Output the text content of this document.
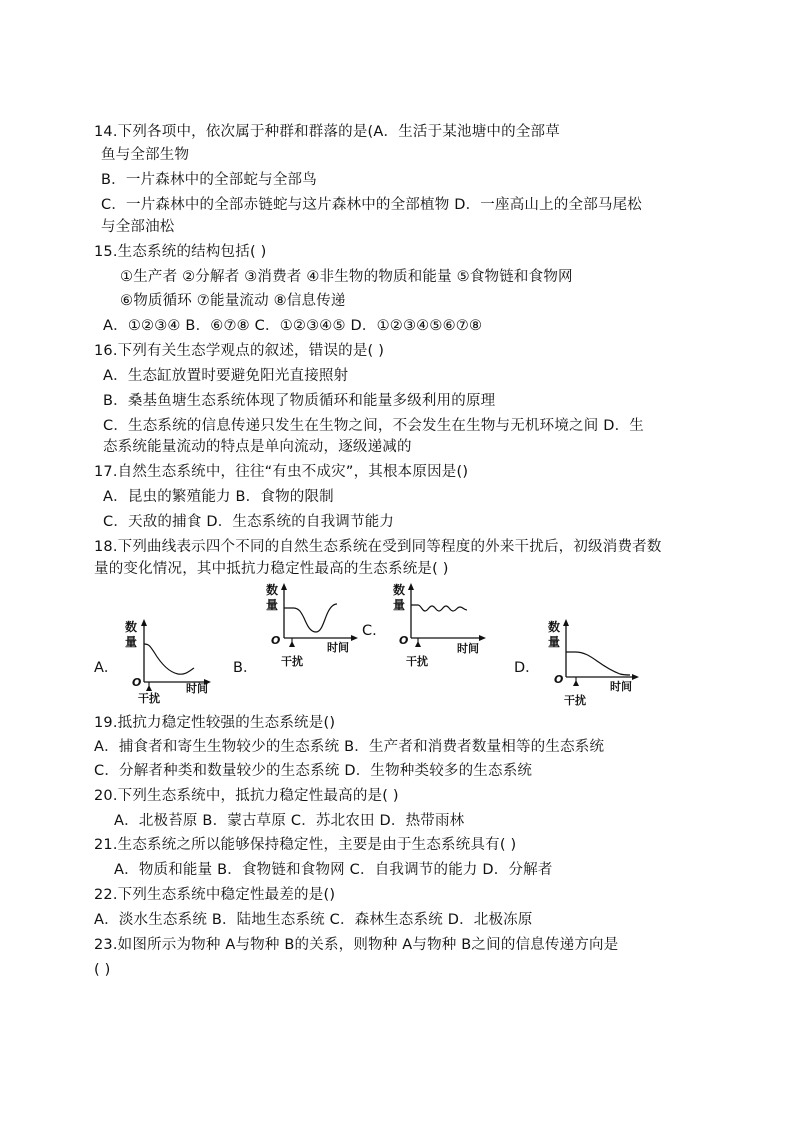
14.下列各项中，依次属于种群和群落的是(A．生活于某池塘中的全部草
鱼与全部生物
B．一片森林中的全部蛇与全部鸟
C．一片森林中的全部赤链蛇与这片森林中的全部植物 D．一座高山上的全部马尾松
与全部油松
15.生态系统的结构包括( )
①生产者 ②分解者 ③消费者 ④非生物的物质和能量 ⑤食物链和食物网
⑥物质循环 ⑦能量流动 ⑧信息传递
A．①②③④ B．⑥⑦⑧ C．①②③④⑤ D．①②③④⑤⑥⑦⑧
16.下列有关生态学观点的叙述，错误的是( )
A．生态缸放置时要避免阳光直接照射
B．桑基鱼塘生态系统体现了物质循环和能量多级利用的原理
C．生态系统的信息传递只发生在生物之间，不会发生在生物与无机环境之间 D．生
态系统能量流动的特点是单向流动，逐级递减的
17.自然生态系统中，往往“有虫不成灾”，其根本原因是()
A．昆虫的繁殖能力 B．食物的限制
C．天敌的捕食 D．生态系统的自我调节能力
18.下列曲线表示四个不同的自然生态系统在受到同等程度的外来干扰后，初级消费者数
量的变化情况，其中抵抗力稳定性最高的生态系统是( )
A．	B．
C.
D．
数
量
O	时间
干扰
数
量
O
时间
干扰
数
量
O
时间
干扰
数
量
O
时间
干扰
19.抵抗力稳定性较强的生态系统是()
A．捕食者和寄生生物较少的生态系统 B．生产者和消费者数量相等的生态系统
C．分解者种类和数量较少的生态系统 D．生物种类较多的生态系统
20.下列生态系统中，抵抗力稳定性最高的是( )
A．北极苔原 B．蒙古草原 C．苏北农田 D．热带雨林
21.生态系统之所以能够保持稳定性，主要是由于生态系统具有( )
A．物质和能量 B．食物链和食物网 C．自我调节的能力 D．分解者
22.下列生态系统中稳定性最差的是()
A．淡水生态系统 B．陆地生态系统 C．森林生态系统 D．北极冻原
23.如图所示为物种 A与物种 B的关系，则物种 A与物种 B之间的信息传递方向是
( )
